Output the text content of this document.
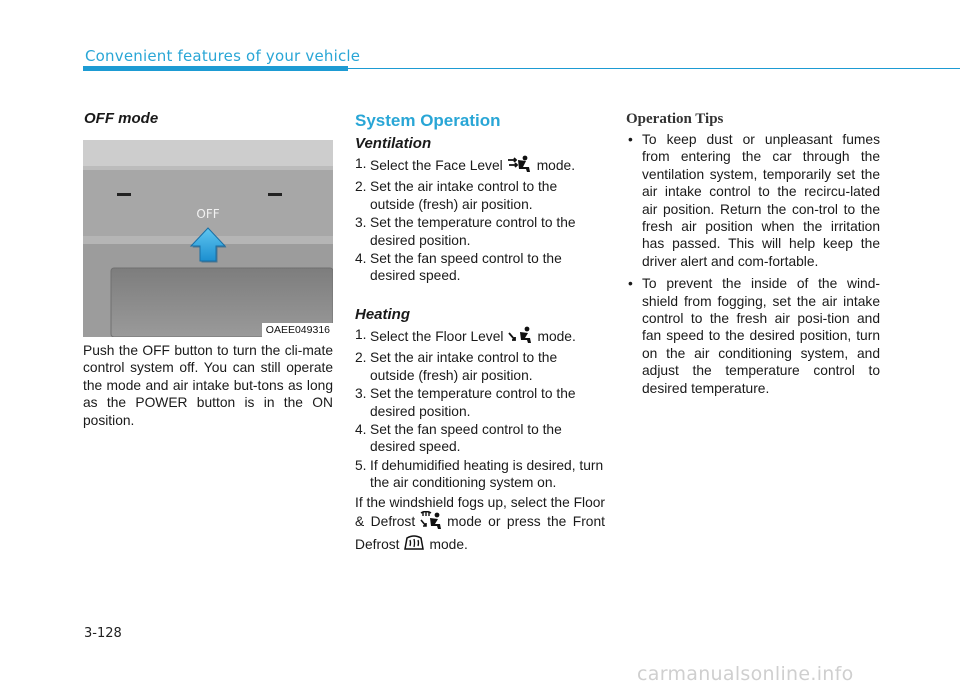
Convenient features of your vehicle
OFF mode
OFF
OAEE049316

Push the OFF button to turn the cli-mate control system off. You can still operate the mode and air intake but-tons as long as the POWER button is in the ON position.

System Operation
Ventilation
1. Select the Face Level mode.
2. Set the air intake control to the outside (fresh) air position.
3. Set the temperature control to the desired position.
4. Set the fan speed control to the desired speed.
Heating
1. Select the Floor Level mode.
2. Set the air intake control to the outside (fresh) air position.
3. Set the temperature control to the desired position.
4. Set the fan speed control to the desired speed.
5. If dehumidified heating is desired, turn the air conditioning system on.

If the windshield fogs up, select the Floor & Defrost mode or press the Front Defrost mode.

Operation Tips
• To keep dust or unpleasant fumes from entering the car through the ventilation system, temporarily set the air intake control to the recircu-lated air position. Return the con-trol to the fresh air position when the irritation has passed. This will help keep the driver alert and com-fortable.
• To prevent the inside of the wind-shield from fogging, set the air intake control to the fresh air posi-tion and fan speed to the desired position, turn on the air conditioning system, and adjust the temperature control to desired temperature.
3-128
carmanualsonline.info
